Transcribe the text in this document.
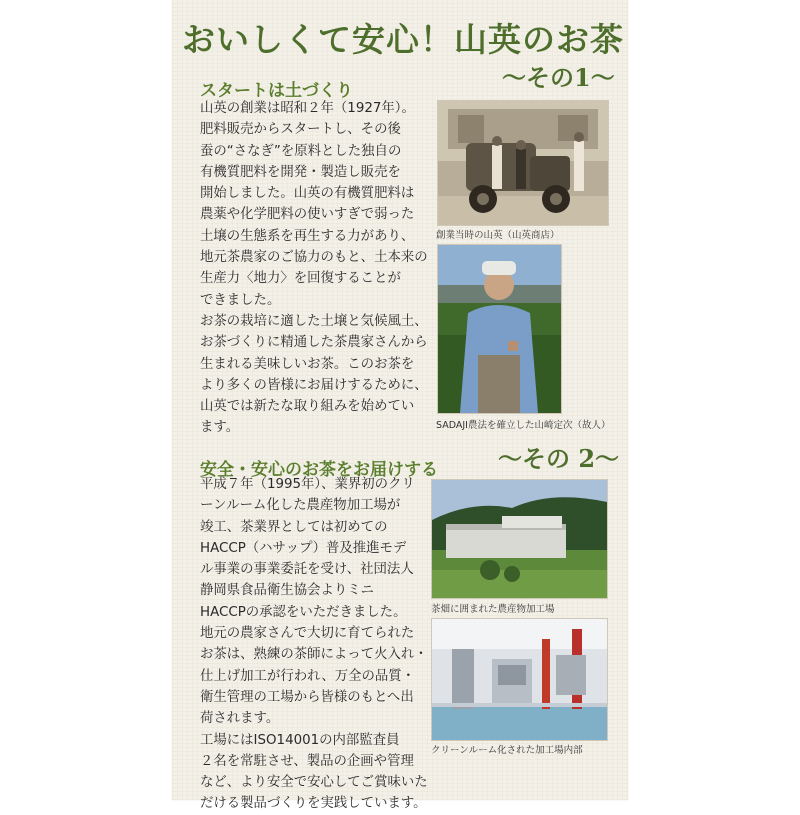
おいしくて安心！山英のお茶
〜その1〜
スタートは土づくり
山英の創業は昭和２年（1927年）。
肥料販売からスタートし、その後
蚕の“さなぎ”を原料とした独自の
有機質肥料を開発・製造し販売を
開始しました。山英の有機質肥料は
農薬や化学肥料の使いすぎで弱った
土壌の生態系を再生する力があり、
地元茶農家のご協力のもと、土本来の
生産力〈地力〉を回復することが
できました。
お茶の栽培に適した土壌と気候風土、
お茶づくりに精通した茶農家さんから
生まれる美味しいお茶。このお茶を
より多くの皆様にお届けするために、
山英では新たな取り組みを始めてい
ます。
創業当時の山英（山英商店）
SADAJI農法を確立した山崎定次（故人）
〜その 2〜
安全・安心のお茶をお届けする
平成７年（1995年）、業界初のクリ
ーンルーム化した農産物加工場が
竣工、茶業界としては初めての
HACCP（ハサップ）普及推進モデ
ル事業の事業委託を受け、社団法人
静岡県食品衛生協会よりミニ
HACCPの承認をいただきました。
地元の農家さんで大切に育てられた
お茶は、熟練の茶師によって火入れ・
仕上げ加工が行われ、万全の品質・
衛生管理の工場から皆様のもとへ出
荷されます。
工場にはISO14001の内部監査員
２名を常駐させ、製品の企画や管理
など、より安全で安心してご賞味いた
だける製品づくりを実践しています。
茶畑に囲まれた農産物加工場
クリーンルーム化された加工場内部
